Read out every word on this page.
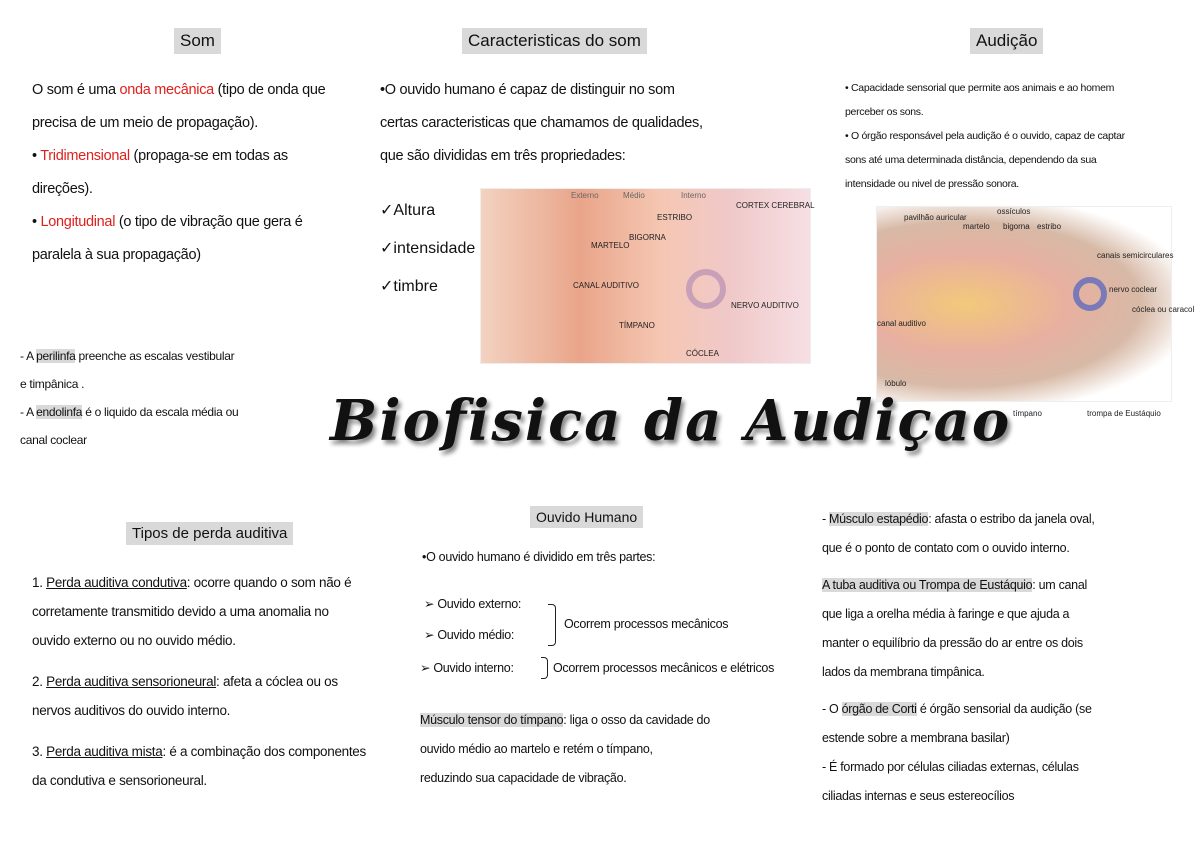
Som
O som é uma onda mecânica (tipo de onda que
precisa de um meio de propagação).
• Tridimensional (propaga-se em todas as
direções).
• Longitudinal (o tipo de vibração que gera é
paralela à sua propagação)
- A perilinfa preenche as escalas vestibular
e timpânica .
- A endolinfa é o liquido da escala média ou
canal coclear
Caracteristicas do som
•O ouvido humano é capaz de distinguir no som
certas caracteristicas que chamamos de qualidades,
que são divididas em três propriedades:
✓Altura
✓intensidade
✓timbre
Externo	Médio	Interno
CORTEX CEREBRAL
ESTRIBO
BIGORNA
MARTELO
CANAL AUDITIVO
TÍMPANO
CÓCLEA
NERVO AUDITIVO
Audição
• Capacidade sensorial que permite aos animais e ao homem
perceber os sons.
• O órgão responsável pela audição é o ouvido, capaz de captar
sons até uma determinada distância, dependendo da sua
intensidade ou nivel de pressão sonora.
pavilhão auricular
ossículos
martelo bigorna estribo
canais semicirculares
nervo coclear
cóclea ou caracol
canal auditivo
lóbulo
tímpano	trompa de Eustáquio
Biofisica da Audiçao
Tipos de perda auditiva
1. Perda auditiva condutiva: ocorre quando o som não é
corretamente transmitido devido a uma anomalia no
ouvido externo ou no ouvido médio.
2. Perda auditiva sensorioneural: afeta a cóclea ou os
nervos auditivos do ouvido interno.
3. Perda auditiva mista: é a combinação dos componentes
da condutiva e sensorioneural.
Ouvido Humano
•O ouvido humano é dividido em três partes:
➢ Ouvido externo:
➢ Ouvido médio:
➢ Ouvido interno:
Ocorrem processos mecânicos
Ocorrem processos mecânicos e elétricos
Músculo tensor do tímpano: liga o osso da cavidade do
ouvido médio ao martelo e retém o tímpano,
reduzindo sua capacidade de vibração.
- Músculo estapédio: afasta o estribo da janela oval,
que é o ponto de contato com o ouvido interno.
A tuba auditiva ou Trompa de Eustáquio: um canal
que liga a orelha média à faringe e que ajuda a
manter o equilíbrio da pressão do ar entre os dois
lados da membrana timpânica.
- O órgão de Corti é órgão sensorial da audição (se
estende sobre a membrana basilar)
- É formado por células ciliadas externas, células
ciliadas internas e seus estereocílios
